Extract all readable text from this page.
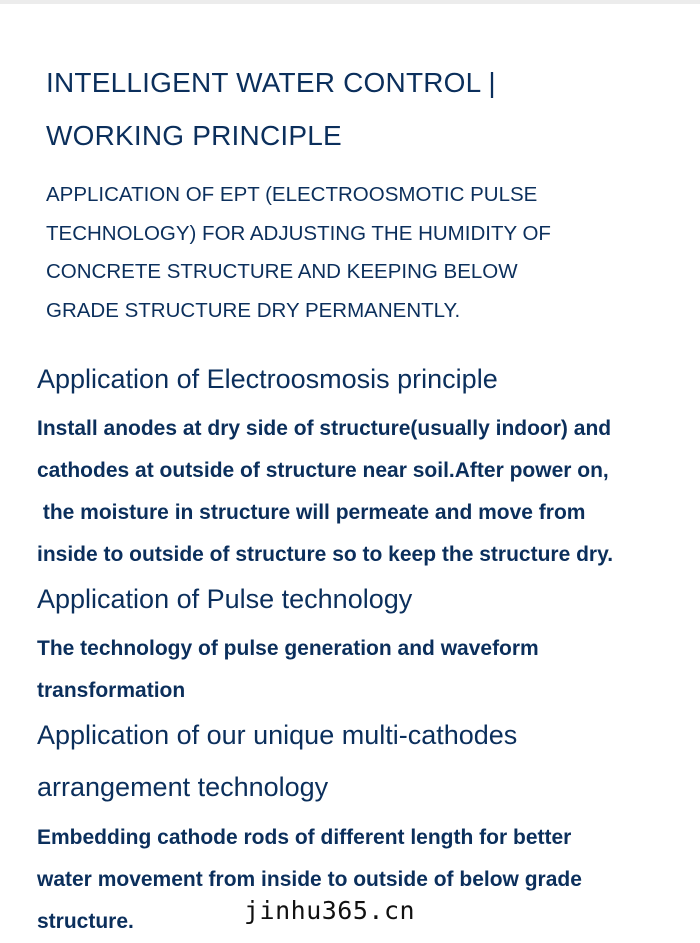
INTELLIGENT WATER CONTROL |
WORKING PRINCIPLE

APPLICATION OF EPT (ELECTROOSMOTIC PULSE
TECHNOLOGY) FOR ADJUSTING THE HUMIDITY OF
CONCRETE STRUCTURE AND KEEPING BELOW
GRADE STRUCTURE DRY PERMANENTLY.

Application of Electroosmosis principle

Install anodes at dry side of structure(usually indoor) and
cathodes at outside of structure near soil.After power on,
the moisture in structure will permeate and move from
inside to outside of structure so to keep the structure dry.

Application of Pulse technology

The technology of pulse generation and waveform
transformation

Application of our unique multi-cathodes
arrangement technology

Embedding cathode rods of different length for better
water movement from inside to outside of below grade
structure.	jinhu365.cn
